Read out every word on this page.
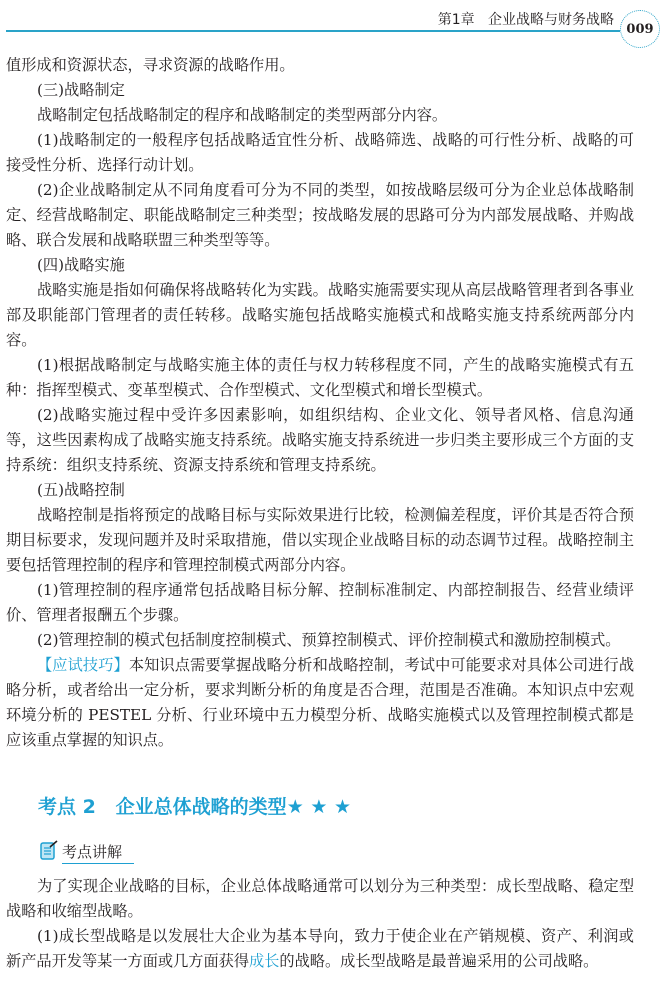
第1章   企业战略与财务战略
009

值形成和资源状态，寻求资源的战略作用。

(三)战略制定

战略制定包括战略制定的程序和战略制定的类型两部分内容。

(1)战略制定的一般程序包括战略适宜性分析、战略筛选、战略的可行性分析、战略的可接受性分析、选择行动计划。

(2)企业战略制定从不同角度看可分为不同的类型，如按战略层级可分为企业总体战略制定、经营战略制定、职能战略制定三种类型；按战略发展的思路可分为内部发展战略、并购战略、联合发展和战略联盟三种类型等等。

(四)战略实施

战略实施是指如何确保将战略转化为实践。战略实施需要实现从高层战略管理者到各事业部及职能部门管理者的责任转移。战略实施包括战略实施模式和战略实施支持系统两部分内容。

(1)根据战略制定与战略实施主体的责任与权力转移程度不同，产生的战略实施模式有五种：指挥型模式、变革型模式、合作型模式、文化型模式和增长型模式。

(2)战略实施过程中受许多因素影响，如组织结构、企业文化、领导者风格、信息沟通等，这些因素构成了战略实施支持系统。战略实施支持系统进一步归类主要形成三个方面的支持系统：组织支持系统、资源支持系统和管理支持系统。

(五)战略控制

战略控制是指将预定的战略目标与实际效果进行比较，检测偏差程度，评价其是否符合预期目标要求，发现问题并及时采取措施，借以实现企业战略目标的动态调节过程。战略控制主要包括管理控制的程序和管理控制模式两部分内容。

(1)管理控制的程序通常包括战略目标分解、控制标准制定、内部控制报告、经营业绩评价、管理者报酬五个步骤。

(2)管理控制的模式包括制度控制模式、预算控制模式、评价控制模式和激励控制模式。

【应试技巧】本知识点需要掌握战略分析和战略控制，考试中可能要求对具体公司进行战略分析，或者给出一定分析，要求判断分析的角度是否合理，范围是否准确。本知识点中宏观环境分析的 PESTEL 分析、行业环境中五力模型分析、战略实施模式以及管理控制模式都是应该重点掌握的知识点。

考点 2   企业总体战略的类型★ ★ ★
考点讲解

为了实现企业战略的目标，企业总体战略通常可以划分为三种类型：成长型战略、稳定型战略和收缩型战略。

(1)成长型战略是以发展壮大企业为基本导向，致力于使企业在产销规模、资产、利润或新产品开发等某一方面或几方面获得成长的战略。成长型战略是最普遍采用的公司战略。
